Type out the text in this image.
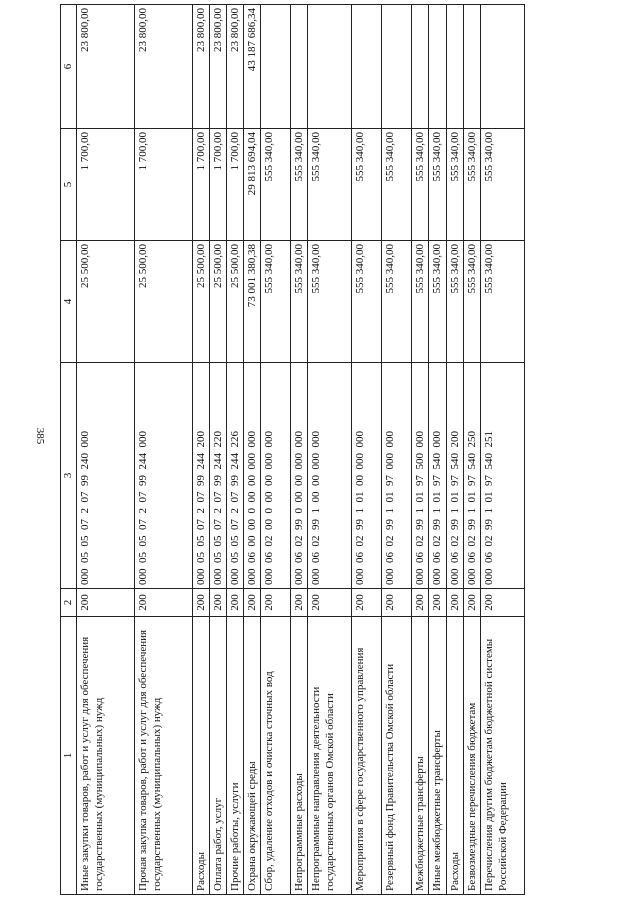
385
1	2	3	4	5	6
Иные закупки товаров, работ и услуг для обеспечения государственных (муниципальных) нужд	200	000  05  05  07  2  07  99  240  000	25 500,00	1 700,00	23 800,00
Прочая закупка товаров, работ и услуг для обеспечения государственных (муниципальных) нужд	200	000  05  05  07  2  07  99  244  000	25 500,00	1 700,00	23 800,00
Расходы	200	000  05  05  07  2  07  99  244  200	25 500,00	1 700,00	23 800,00
Оплата работ, услуг	200	000  05  05  07  2  07  99  244  220	25 500,00	1 700,00	23 800,00
Прочие работы, услуги	200	000  05  05  07  2  07  99  244  226	25 500,00	1 700,00	23 800,00
Охрана окружающей среды	200	000  06  00  00  0  00  00  000  000	73 001 380,38	29 813 694,04	43 187 686,34
Сбор, удаление отходов и очистка сточных вод	200	000  06  02  00  0  00  00  000  000	555 340,00	555 340,00	
Непрограммные расходы	200	000  06  02  99  0  00  00  000  000	555 340,00	555 340,00	
Непрограммные направления деятельности государственных органов Омской области	200	000  06  02  99  1  00  00  000  000	555 340,00	555 340,00	
Мероприятия в сфере государственного управления	200	000  06  02  99  1  01  00  000  000	555 340,00	555 340,00	
Резервный фонд Правительства Омской области	200	000  06  02  99  1  01  97  000  000	555 340,00	555 340,00	
Межбюджетные трансферты	200	000  06  02  99  1  01  97  500  000	555 340,00	555 340,00	
Иные межбюджетные трансферты	200	000  06  02  99  1  01  97  540  000	555 340,00	555 340,00	
Расходы	200	000  06  02  99  1  01  97  540  200	555 340,00	555 340,00	
Безвозмездные перечисления бюджетам	200	000  06  02  99  1  01  97  540  250	555 340,00	555 340,00	
Перечисления другим бюджетам бюджетной системы Российской Федерации	200	000  06  02  99  1  01  97  540  251	555 340,00	555 340,00	
